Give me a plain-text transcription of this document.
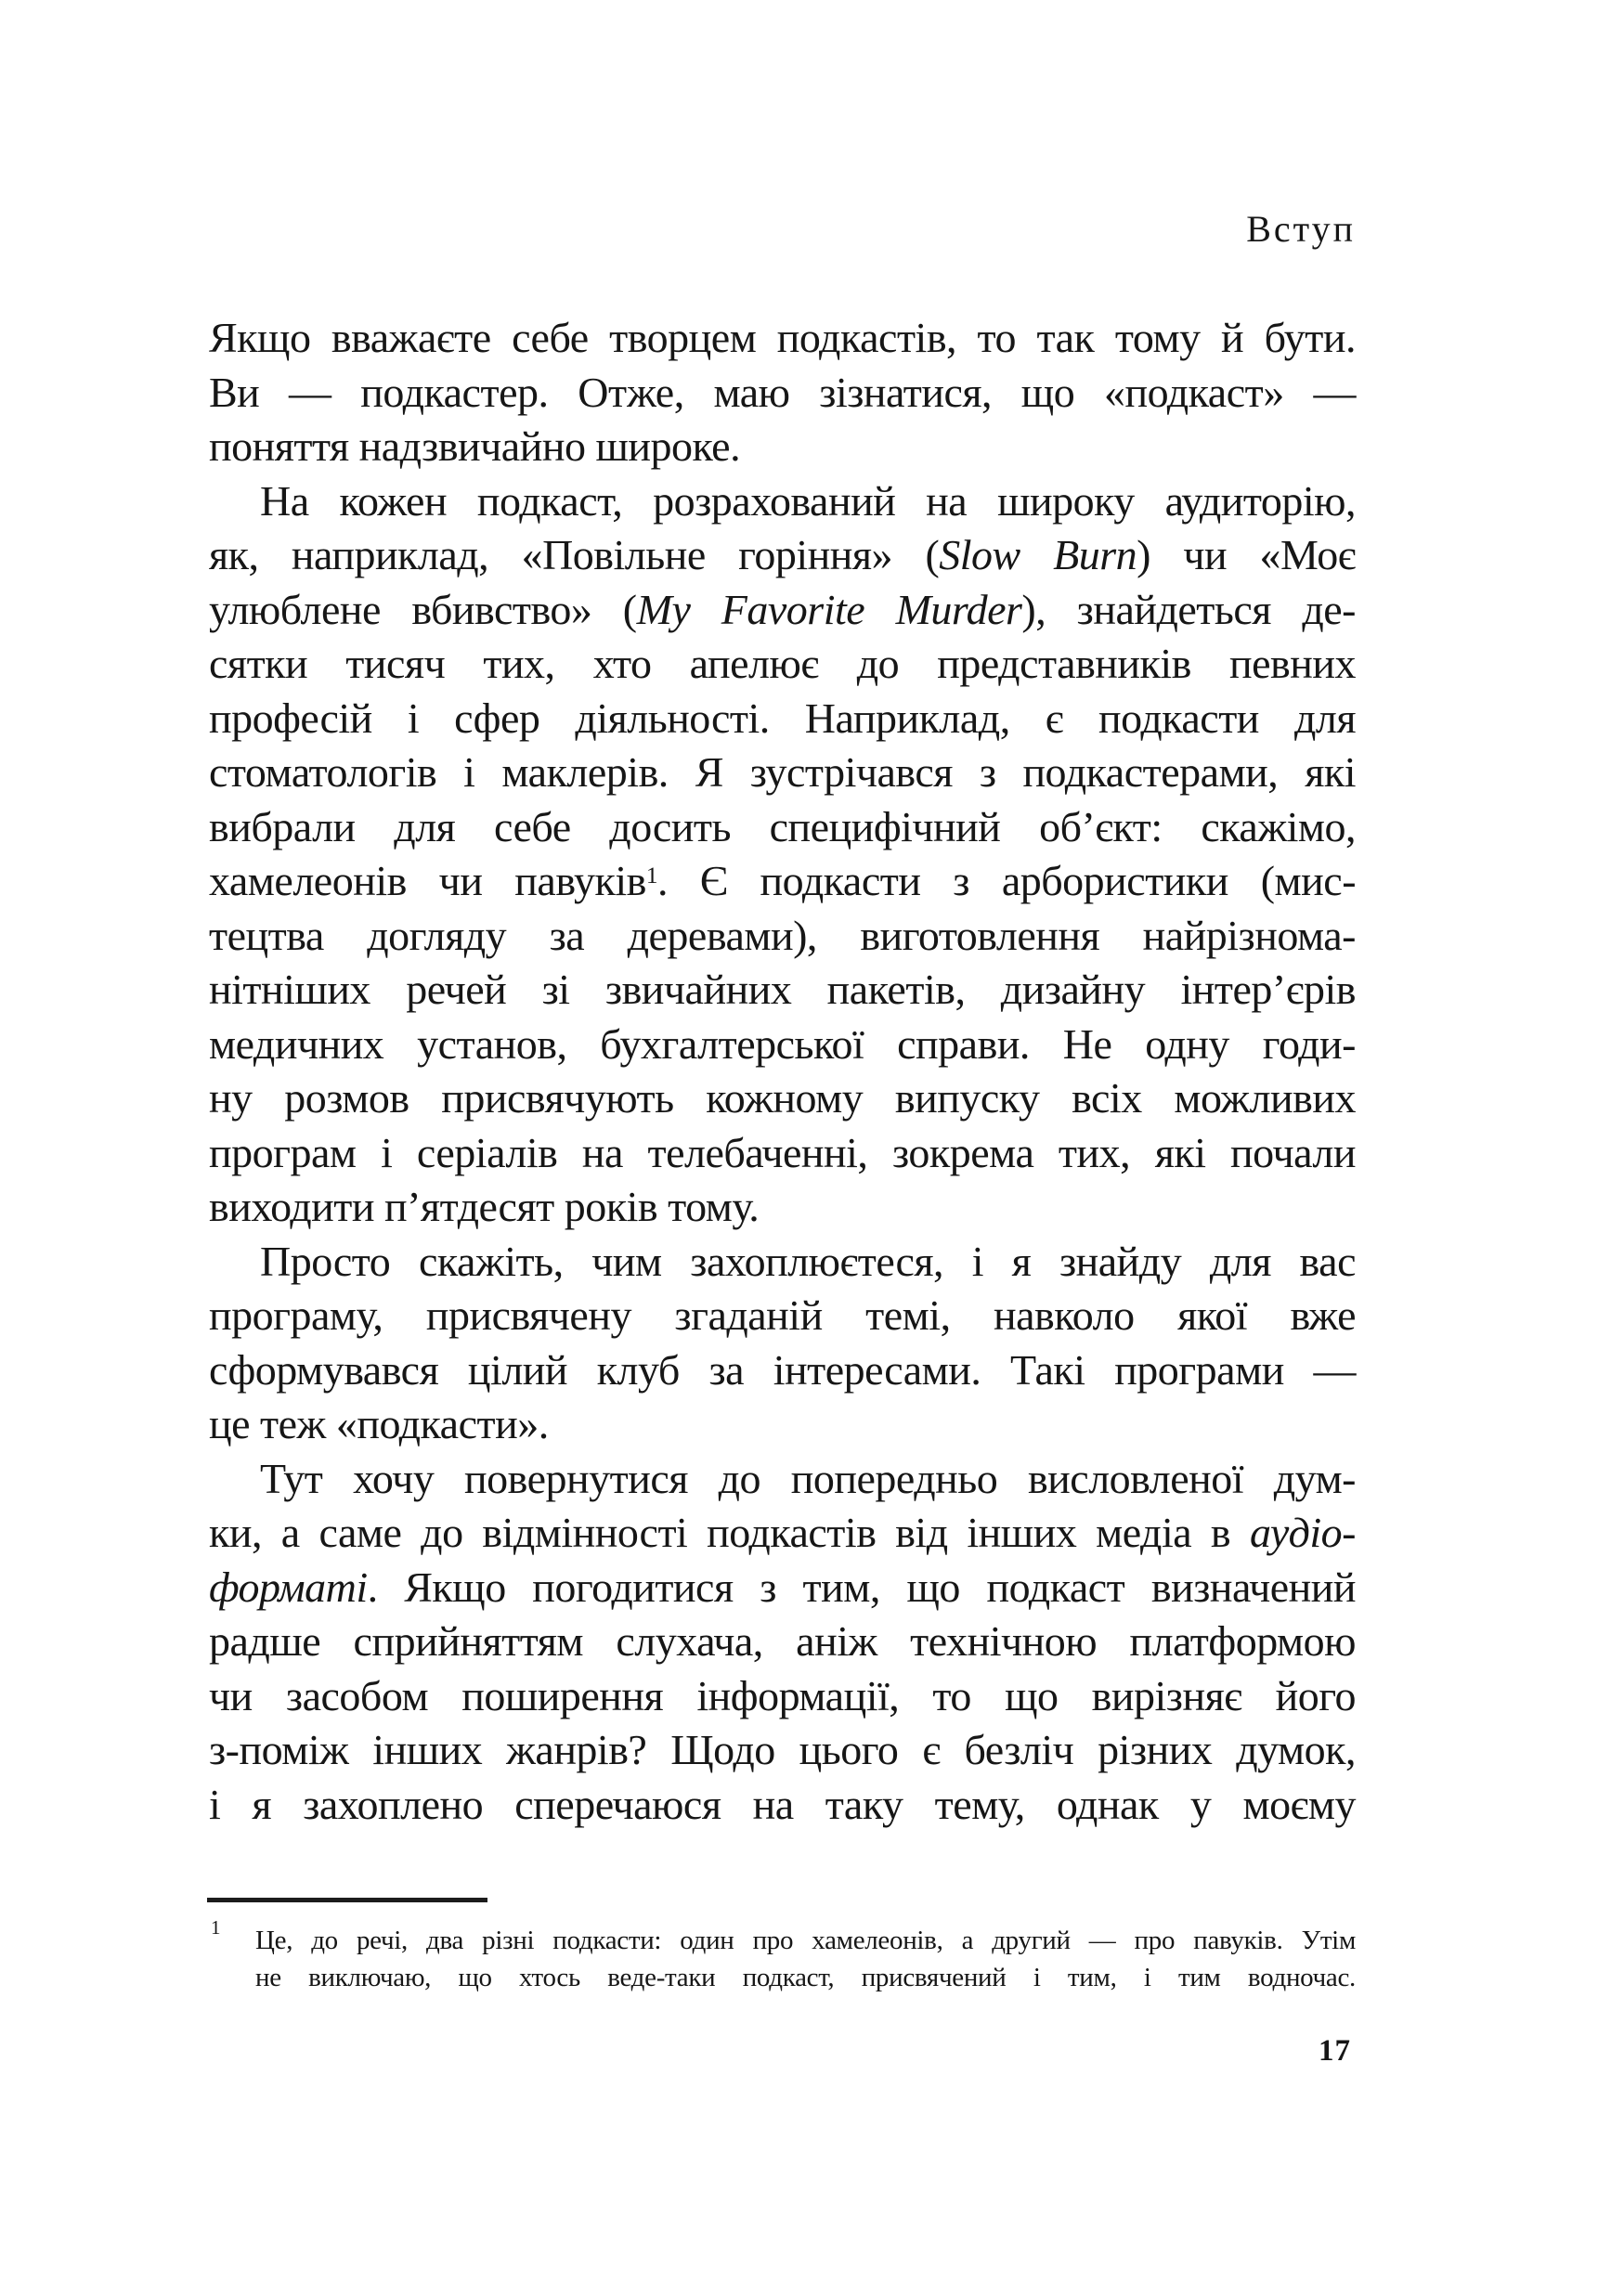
Вступ
Якщо вважаєте себе творцем подкастів, то так тому й бути.
Ви — подкастер. Отже, маю зізнатися, що «подкаст» —
поняття надзвичайно широке.
На кожен подкаст, розрахований на широку аудиторію,
як, наприклад, «Повільне горіння» (Slow Burn) чи «Моє
улюблене вбивство» (My Favorite Murder), знайдеться де-
сятки тисяч тих, хто апелює до представників певних
професій і сфер діяльності. Наприклад, є подкасти для
стоматологів і маклерів. Я зустрічався з подкастерами, які
вибрали для себе досить специфічний об’єкт: скажімо,
хамелеонів чи павуків$^1$. Є подкасти з арбористики (мис-
тецтва догляду за деревами), виготовлення найрізнома-
нітніших речей зі звичайних пакетів, дизайну інтер’єрів
медичних установ, бухгалтерської справи. Не одну годи-
ну розмов присвячують кожному випуску всіх можливих
програм і серіалів на телебаченні, зокрема тих, які почали
виходити п’ятдесят років тому.
Просто скажіть, чим захоплюєтеся, і я знайду для вас
програму, присвячену згаданій темі, навколо якої вже
сформувався цілий клуб за інтересами. Такі програми —
це теж «подкасти».
Тут хочу повернутися до попередньо висловленої дум-
ки, а саме до відмінності подкастів від інших медіа в аудіо-
форматі. Якщо погодитися з тим, що подкаст визначений
радше сприйняттям слухача, аніж технічною платформою
чи засобом поширення інформації, то що вирізняє його
з-поміж інших жанрів? Щодо цього є безліч різних думок,
і я захоплено сперечаюся на таку тему, однак у моєму
1 Це, до речі, два різні подкасти: один про хамелеонів, а другий — про павуків. Утім
не виключаю, що хтось веде-таки подкаст, присвячений і тим, і тим водночас.
17
